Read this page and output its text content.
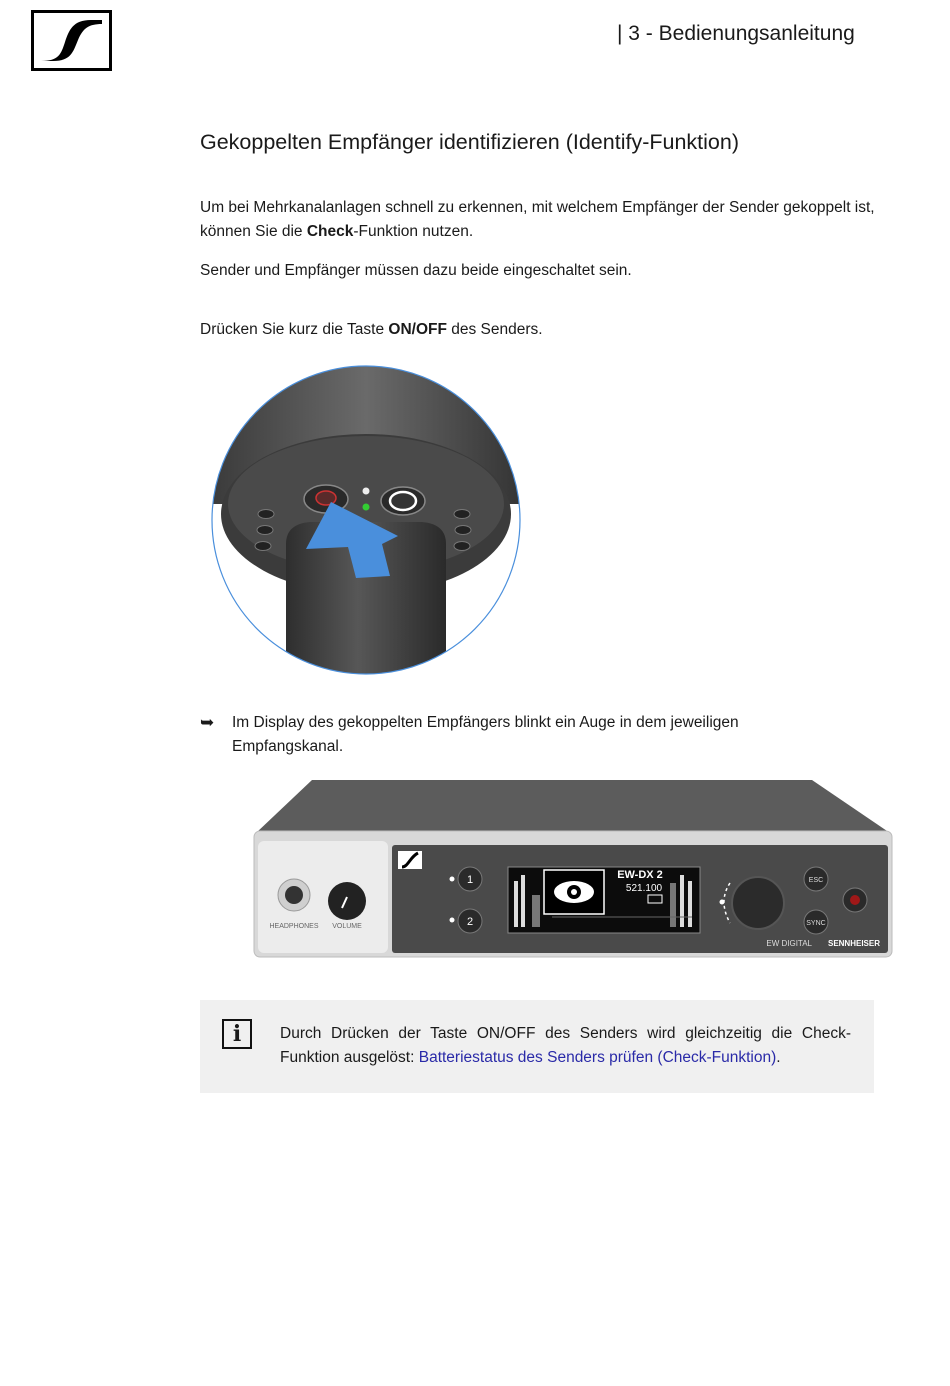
| 3 - Bedienungsanleitung
Gekoppelten Empfänger identifizieren (Identify-Funktion)

Um bei Mehrkanalanlagen schnell zu erkennen, mit welchem Empfänger der Sender gekoppelt ist, können Sie die Check-Funktion nutzen.

Sender und Empfänger müssen dazu beide eingeschaltet sein.

Drücken Sie kurz die Taste ON/OFF des Senders.

➥ Im Display des gekoppelten Empfängers blinkt ein Auge in dem jeweiligen Empfangskanal.
HEADPHONES VOLUME
1
2
EW-DX 2
521.100
ESC
SYNC
EW DIGITAL SENNHEISER
i	Durch Drücken der Taste ON/OFF des Senders wird gleichzeitig die Check-Funktion ausgelöst: Batteriestatus des Senders prüfen (Check-Funktion).
